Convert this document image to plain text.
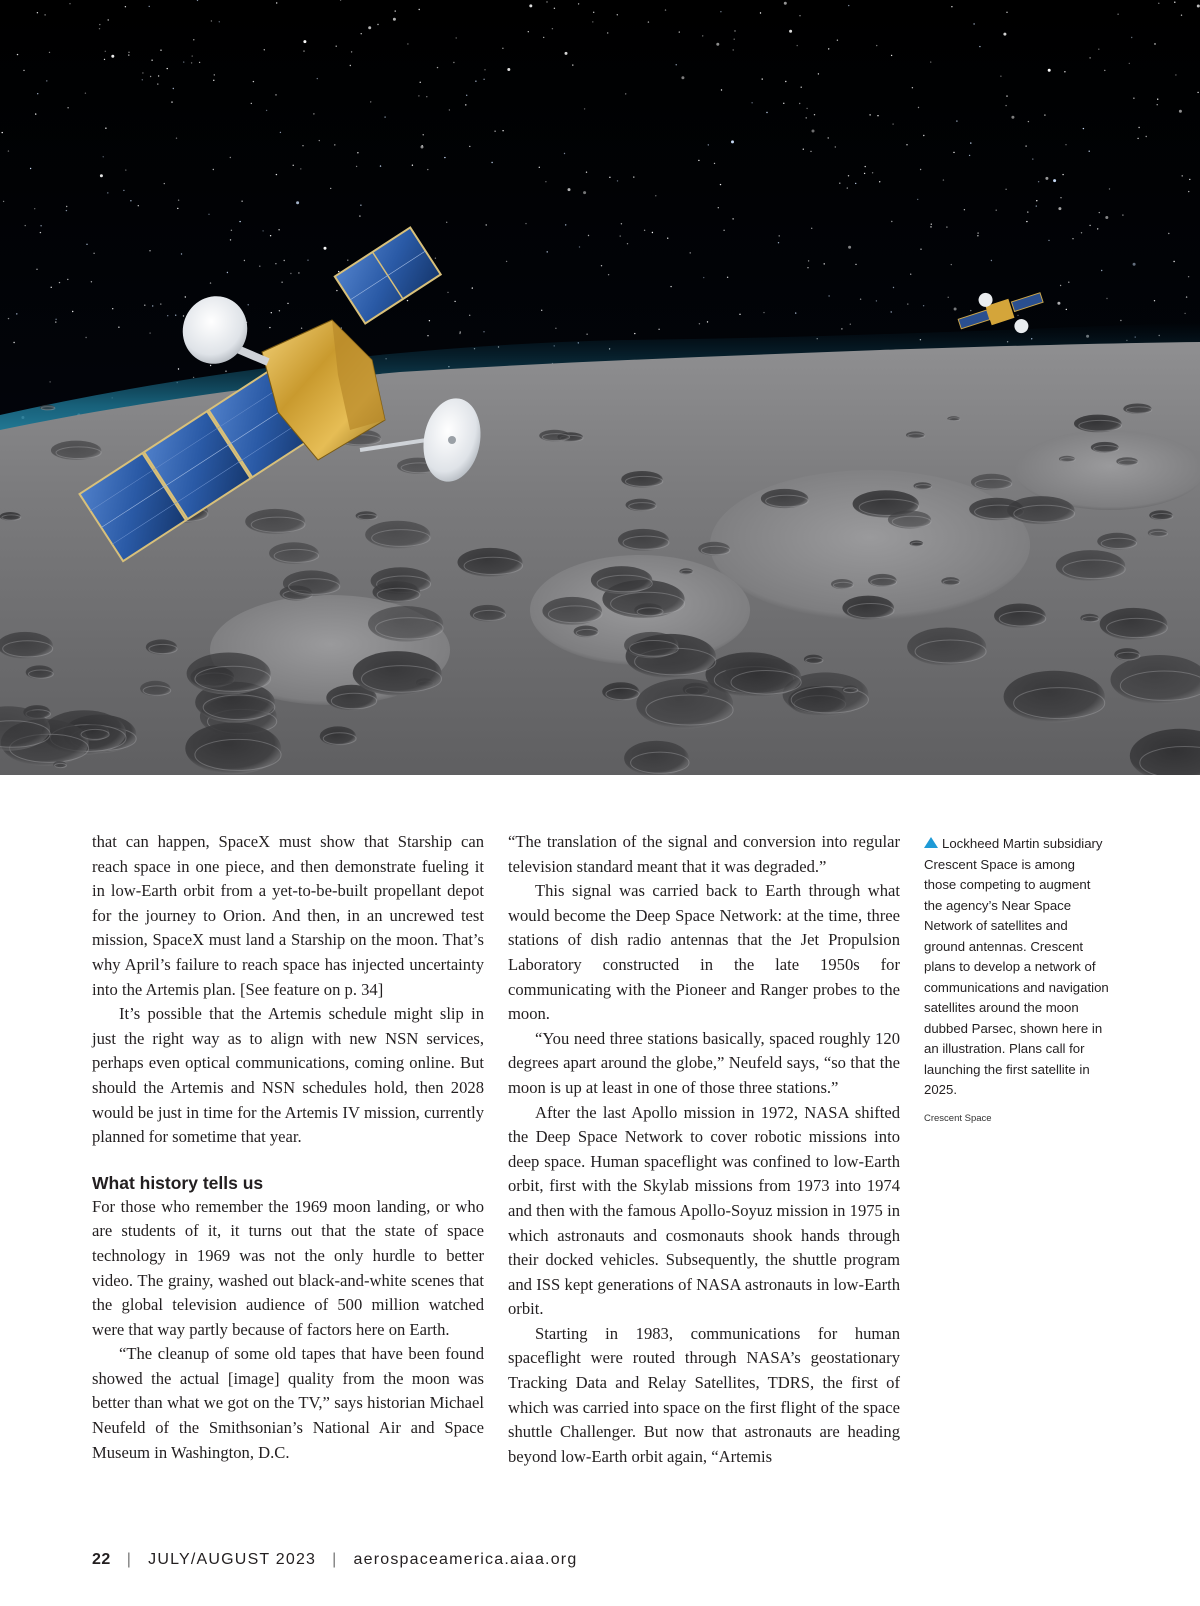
that can happen, SpaceX must show that Starship can reach space in one piece, and then demonstrate fueling it in low-Earth orbit from a yet-to-be-built propellant depot for the journey to Orion. And then, in an uncrewed test mission, SpaceX must land a Starship on the moon. That’s why April’s failure to reach space has injected uncertainty into the Artemis plan. [See feature on p. 34]

It’s possible that the Artemis schedule might slip in just the right way as to align with new NSN services, perhaps even optical communications, coming online. But should the Artemis and NSN schedules hold, then 2028 would be just in time for the Artemis IV mission, currently planned for sometime that year.

What history tells us

For those who remember the 1969 moon landing, or who are students of it, it turns out that the state of space technology in 1969 was not the only hurdle to better video. The grainy, washed out black-and-white scenes that the global television audience of 500 million watched were that way partly because of factors here on Earth.

“The cleanup of some old tapes that have been found showed the actual [image] quality from the moon was better than what we got on the TV,” says historian Michael Neufeld of the Smithsonian’s National Air and Space Museum in Washington, D.C.

“The translation of the signal and conversion into regular television standard meant that it was degraded.”

This signal was carried back to Earth through what would become the Deep Space Network: at the time, three stations of dish radio antennas that the Jet Propulsion Laboratory constructed in the late 1950s for communicating with the Pioneer and Ranger probes to the moon.

“You need three stations basically, spaced roughly 120 degrees apart around the globe,” Neufeld says, “so that the moon is up at least in one of those three stations.”

After the last Apollo mission in 1972, NASA shifted the Deep Space Network to cover robotic missions into deep space. Human spaceflight was confined to low-Earth orbit, first with the Skylab missions from 1973 into 1974 and then with the famous Apollo-Soyuz mission in 1975 in which astronauts and cosmonauts shook hands through their docked vehicles. Subsequently, the shuttle program and ISS kept generations of NASA astronauts in low-Earth orbit.

Starting in 1983, communications for human spaceflight were routed through NASA’s geostationary Tracking Data and Relay Satellites, TDRS, the first of which was carried into space on the first flight of the space shuttle Challenger. But now that astronauts are heading beyond low-Earth orbit again, “Artemis

Lockheed Martin subsidiary Crescent Space is among those competing to augment the agency’s Near Space Network of satellites and ground antennas. Crescent plans to develop a network of communications and navigation satellites around the moon dubbed Parsec, shown here in an illustration. Plans call for launching the first satellite in 2025.

Crescent Space

22 | JULY/AUGUST 2023 | aerospaceamerica.aiaa.org
